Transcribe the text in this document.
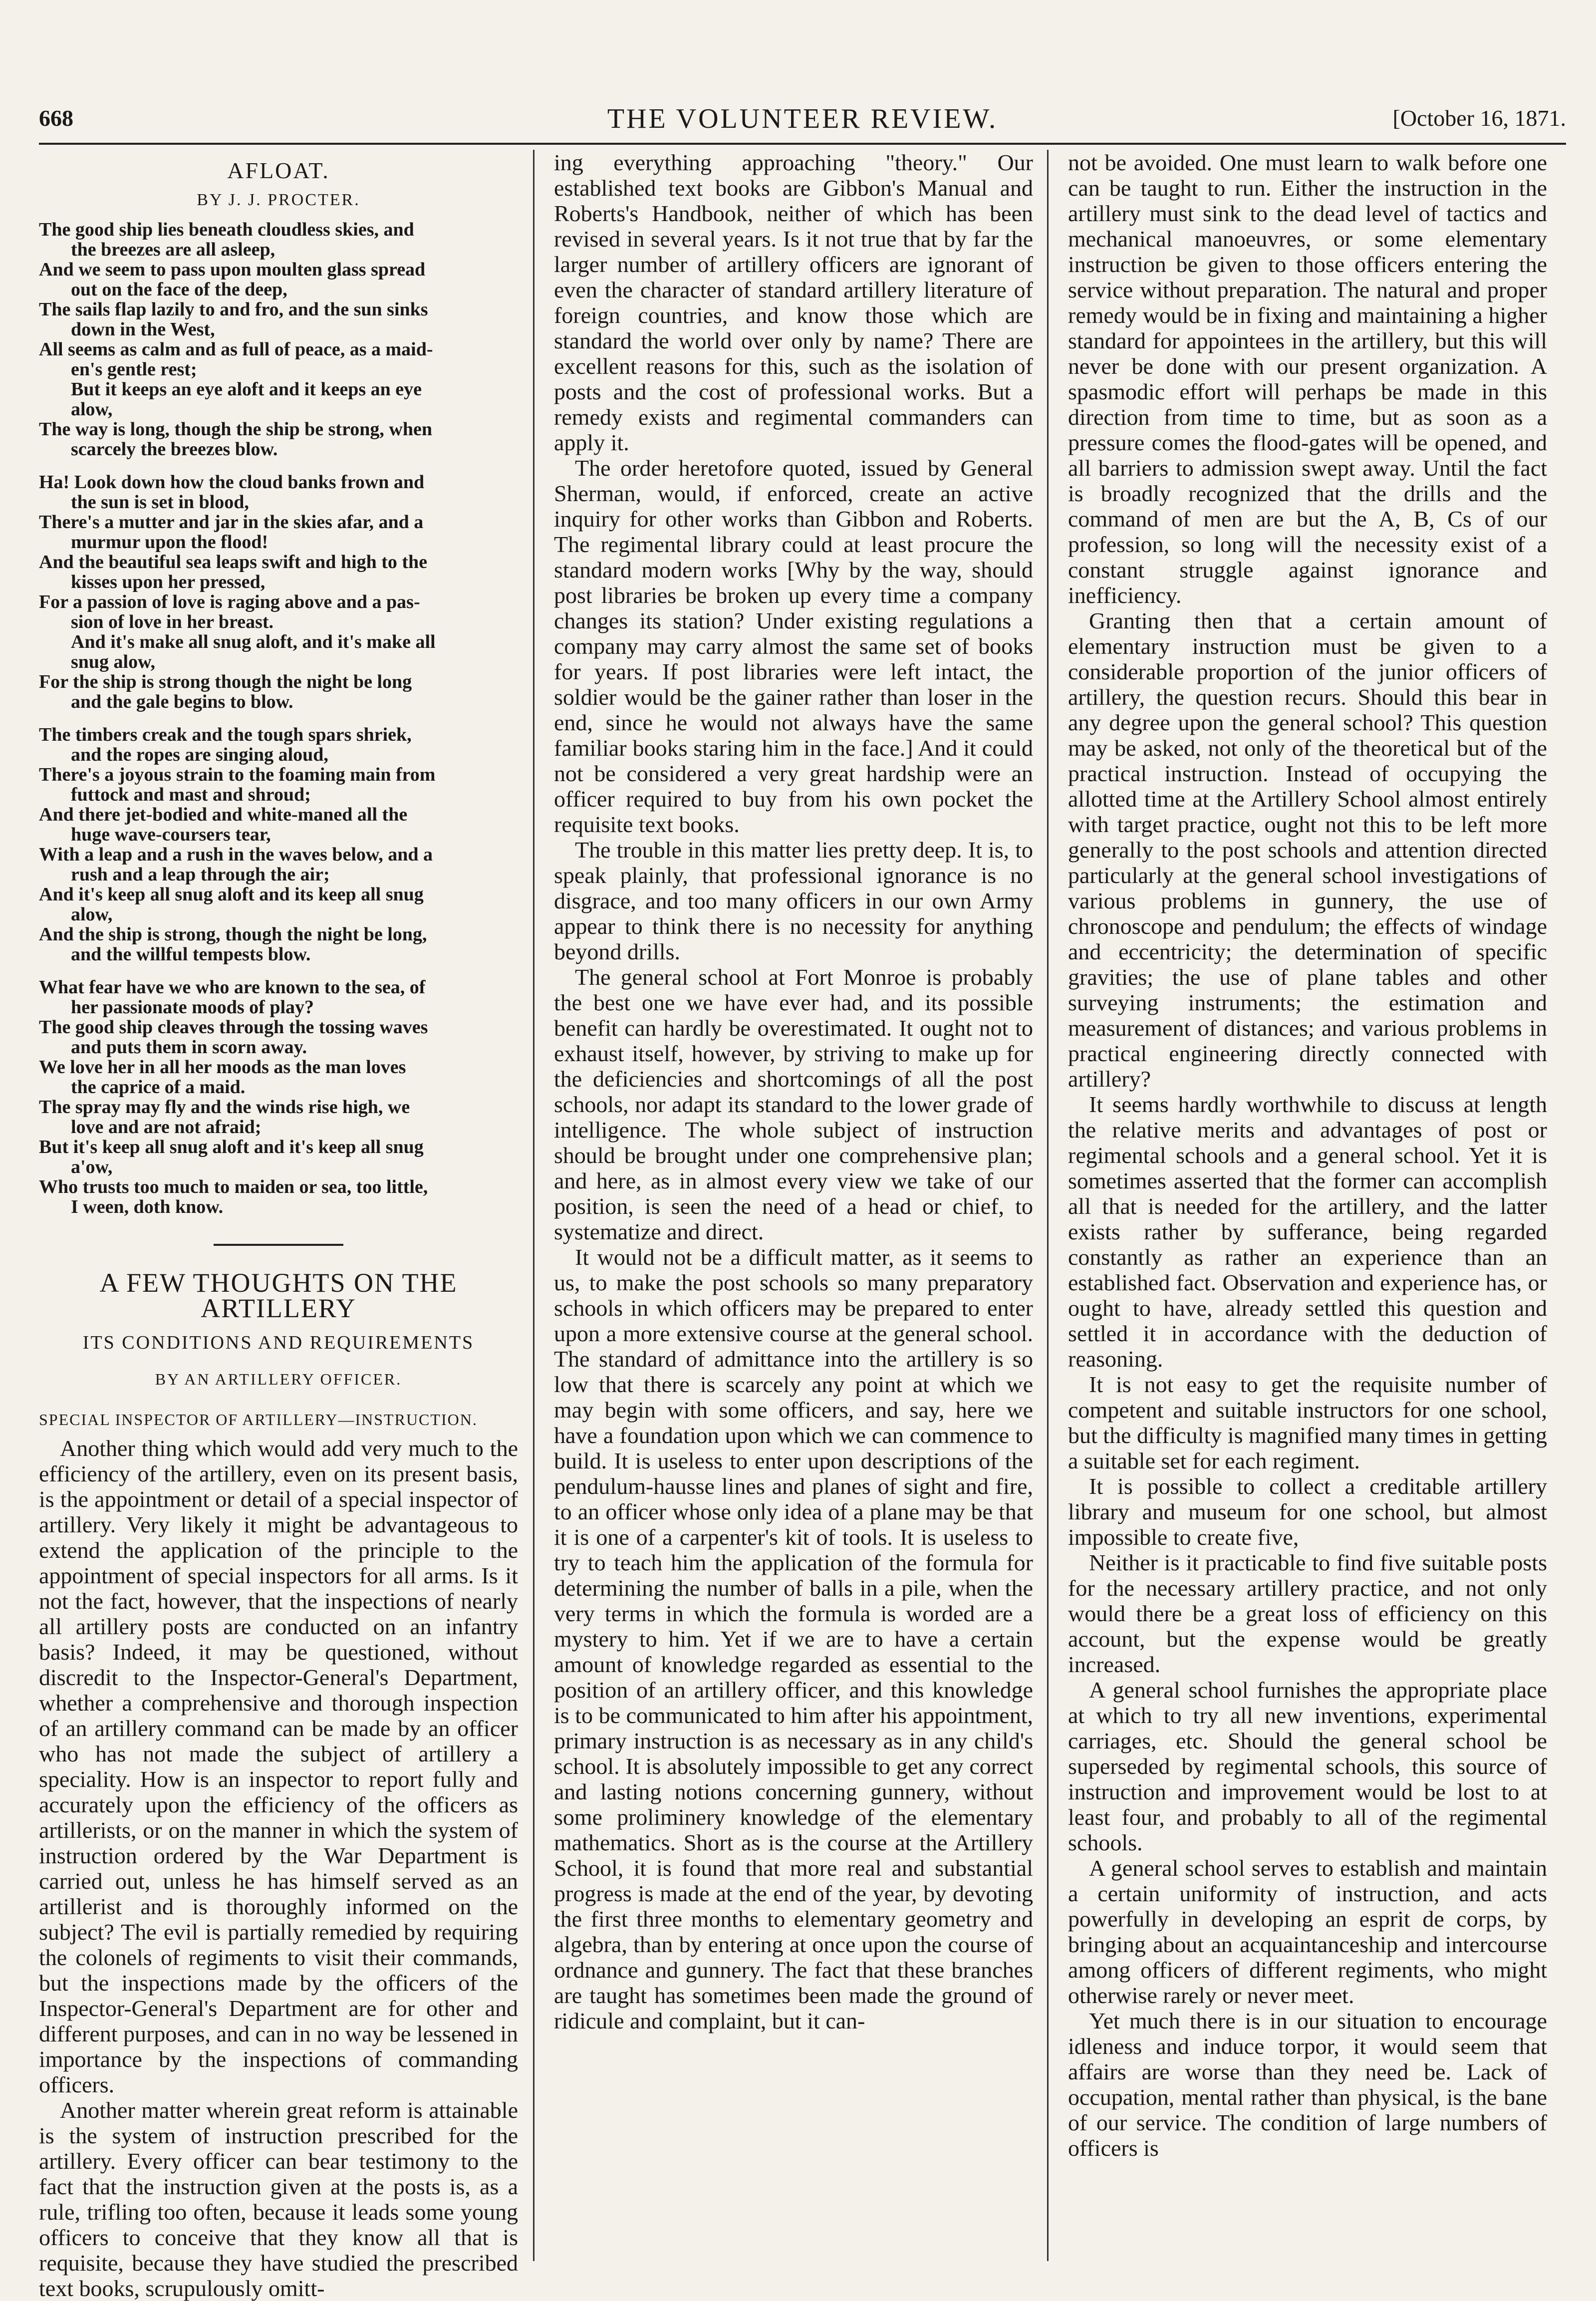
668	THE VOLUNTEER REVIEW.	[October 16, 1871.
AFLOAT.
BY J. J. PROCTER.
The good ship lies beneath cloudless skies, and
the breezes are all asleep,
And we seem to pass upon moulten glass spread
out on the face of the deep,
The sails flap lazily to and fro, and the sun sinks
down in the West,
All seems as calm and as full of peace, as a maid-
en's gentle rest;
But it keeps an eye aloft and it keeps an eye
alow,
The way is long, though the ship be strong, when
scarcely the breezes blow.
Ha! Look down how the cloud banks frown and
the sun is set in blood,
There's a mutter and jar in the skies afar, and a
murmur upon the flood!
And the beautiful sea leaps swift and high to the
kisses upon her pressed,
For a passion of love is raging above and a pas-
sion of love in her breast.
And it's make all snug aloft, and it's make all
snug alow,
For the ship is strong though the night be long
and the gale begins to blow.
The timbers creak and the tough spars shriek,
and the ropes are singing aloud,
There's a joyous strain to the foaming main from
futtock and mast and shroud;
And there jet-bodied and white-maned all the
huge wave-coursers tear,
With a leap and a rush in the waves below, and a
rush and a leap through the air;
And it's keep all snug aloft and its keep all snug
alow,
And the ship is strong, though the night be long,
and the willful tempests blow.
What fear have we who are known to the sea, of
her passionate moods of play?
The good ship cleaves through the tossing waves
and puts them in scorn away.
We love her in all her moods as the man loves
the caprice of a maid.
The spray may fly and the winds rise high, we
love and are not afraid;
But it's keep all snug aloft and it's keep all snug
a'ow,
Who trusts too much to maiden or sea, too little,
I ween, doth know.
A FEW THOUGHTS ON THE ARTILLERY
ITS CONDITIONS AND REQUIREMENTS
BY AN ARTILLERY OFFICER.
SPECIAL INSPECTOR OF ARTILLERY—INSTRUCTION.

Another thing which would add very much to the efficiency of the artillery, even on its present basis, is the appointment or detail of a special inspector of artillery. Very likely it might be advantageous to extend the application of the principle to the appointment of special inspectors for all arms. Is it not the fact, however, that the inspections of nearly all artillery posts are conducted on an infantry basis? Indeed, it may be questioned, without discredit to the Inspector-General's Department, whether a comprehensive and thorough inspection of an artillery command can be made by an officer who has not made the subject of artillery a speciality. How is an inspector to report fully and accurately upon the efficiency of the officers as artillerists, or on the manner in which the system of instruction ordered by the War Department is carried out, unless he has himself served as an artillerist and is thoroughly informed on the subject? The evil is partially remedied by requiring the colonels of regiments to visit their commands, but the inspections made by the officers of the Inspector-General's Department are for other and different purposes, and can in no way be lessened in importance by the inspections of commanding officers.

Another matter wherein great reform is attainable is the system of instruction prescribed for the artillery. Every officer can bear testimony to the fact that the instruction given at the posts is, as a rule, trifling too often, because it leads some young officers to conceive that they know all that is requisite, because they have studied the prescribed text books, scrupulously omitt-

ing everything approaching "theory." Our established text books are Gibbon's Manual and Roberts's Handbook, neither of which has been revised in several years. Is it not true that by far the larger number of artillery officers are ignorant of even the character of standard artillery literature of foreign countries, and know those which are standard the world over only by name? There are excellent reasons for this, such as the isolation of posts and the cost of professional works. But a remedy exists and regimental commanders can apply it.

The order heretofore quoted, issued by General Sherman, would, if enforced, create an active inquiry for other works than Gibbon and Roberts. The regimental library could at least procure the standard modern works [Why by the way, should post libraries be broken up every time a company changes its station? Under existing regulations a company may carry almost the same set of books for years. If post libraries were left intact, the soldier would be the gainer rather than loser in the end, since he would not always have the same familiar books staring him in the face.] And it could not be considered a very great hardship were an officer required to buy from his own pocket the requisite text books.

The trouble in this matter lies pretty deep. It is, to speak plainly, that professional ignorance is no disgrace, and too many officers in our own Army appear to think there is no necessity for anything beyond drills.

The general school at Fort Monroe is probably the best one we have ever had, and its possible benefit can hardly be overestimated. It ought not to exhaust itself, however, by striving to make up for the deficiencies and shortcomings of all the post schools, nor adapt its standard to the lower grade of intelligence. The whole subject of instruction should be brought under one comprehensive plan; and here, as in almost every view we take of our position, is seen the need of a head or chief, to systematize and direct.

It would not be a difficult matter, as it seems to us, to make the post schools so many preparatory schools in which officers may be prepared to enter upon a more extensive course at the general school. The standard of admittance into the artillery is so low that there is scarcely any point at which we may begin with some officers, and say, here we have a foundation upon which we can commence to build. It is useless to enter upon descriptions of the pendulum-hausse lines and planes of sight and fire, to an officer whose only idea of a plane may be that it is one of a carpenter's kit of tools. It is useless to try to teach him the application of the formula for determining the number of balls in a pile, when the very terms in which the formula is worded are a mystery to him. Yet if we are to have a certain amount of knowledge regarded as essential to the position of an artillery officer, and this knowledge is to be communicated to him after his appointment, primary instruction is as necessary as in any child's school. It is absolutely impossible to get any correct and lasting notions concerning gunnery, without some proliminery knowledge of the elementary mathematics. Short as is the course at the Artillery School, it is found that more real and substantial progress is made at the end of the year, by devoting the first three months to elementary geometry and algebra, than by entering at once upon the course of ordnance and gunnery. The fact that these branches are taught has sometimes been made the ground of ridicule and complaint, but it can-

not be avoided. One must learn to walk before one can be taught to run. Either the instruction in the artillery must sink to the dead level of tactics and mechanical manoeuvres, or some elementary instruction be given to those officers entering the service without preparation. The natural and proper remedy would be in fixing and maintaining a higher standard for appointees in the artillery, but this will never be done with our present organization. A spasmodic effort will perhaps be made in this direction from time to time, but as soon as a pressure comes the flood-gates will be opened, and all barriers to admission swept away. Until the fact is broadly recognized that the drills and the command of men are but the A, B, Cs of our profession, so long will the necessity exist of a constant struggle against ignorance and inefficiency.

Granting then that a certain amount of elementary instruction must be given to a considerable proportion of the junior officers of artillery, the question recurs. Should this bear in any degree upon the general school? This question may be asked, not only of the theoretical but of the practical instruction. Instead of occupying the allotted time at the Artillery School almost entirely with target practice, ought not this to be left more generally to the post schools and attention directed particularly at the general school investigations of various problems in gunnery, the use of chronoscope and pendulum; the effects of windage and eccentricity; the determination of specific gravities; the use of plane tables and other surveying instruments; the estimation and measurement of distances; and various problems in practical engineering directly connected with artillery?

It seems hardly worthwhile to discuss at length the relative merits and advantages of post or regimental schools and a general school. Yet it is sometimes asserted that the former can accomplish all that is needed for the artillery, and the latter exists rather by sufferance, being regarded constantly as rather an experience than an established fact. Observation and experience has, or ought to have, already settled this question and settled it in accordance with the deduction of reasoning.

It is not easy to get the requisite number of competent and suitable instructors for one school, but the difficulty is magnified many times in getting a suitable set for each regiment.

It is possible to collect a creditable artillery library and museum for one school, but almost impossible to create five,

Neither is it practicable to find five suitable posts for the necessary artillery practice, and not only would there be a great loss of efficiency on this account, but the expense would be greatly increased.

A general school furnishes the appropriate place at which to try all new inventions, experimental carriages, etc. Should the general school be superseded by regimental schools, this source of instruction and improvement would be lost to at least four, and probably to all of the regimental schools.

A general school serves to establish and maintain a certain uniformity of instruction, and acts powerfully in developing an esprit de corps, by bringing about an acquaintanceship and intercourse among officers of different regiments, who might otherwise rarely or never meet.

Yet much there is in our situation to encourage idleness and induce torpor, it would seem that affairs are worse than they need be. Lack of occupation, mental rather than physical, is the bane of our service. The condition of large numbers of officers is
